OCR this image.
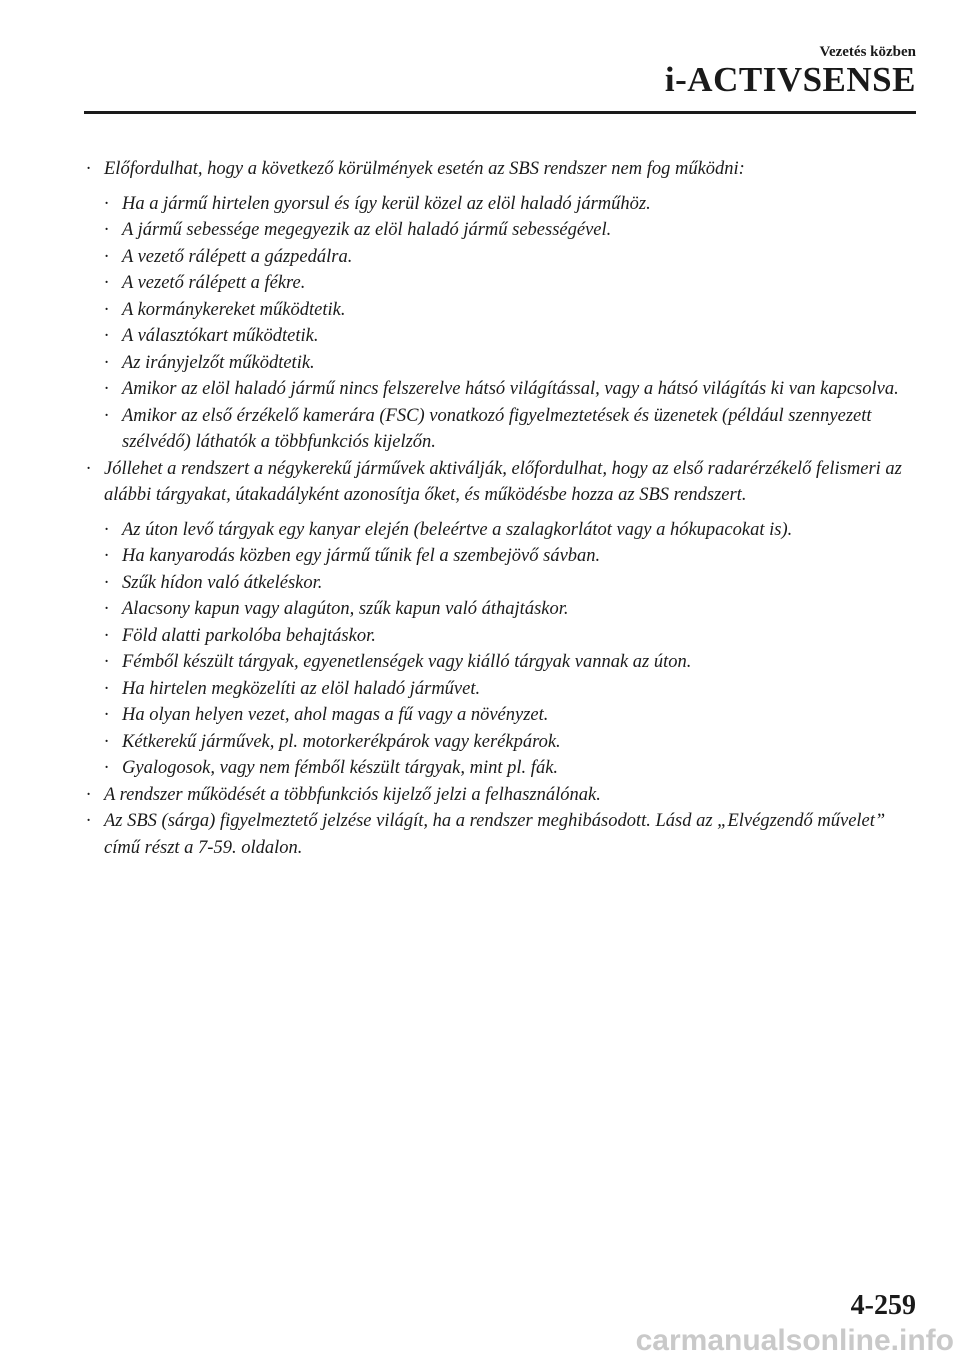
Vezetés közben
i-ACTIVSENSE
· Előfordulhat, hogy a következő körülmények esetén az SBS rendszer nem fog működni:
· Ha a jármű hirtelen gyorsul és így kerül közel az elöl haladó járműhöz.
· A jármű sebessége megegyezik az elöl haladó jármű sebességével.
· A vezető rálépett a gázpedálra.
· A vezető rálépett a fékre.
· A kormánykereket működtetik.
· A választókart működtetik.
· Az irányjelzőt működtetik.
· Amikor az elöl haladó jármű nincs felszerelve hátsó világítással, vagy a hátsó világítás ki van kapcsolva.
· Amikor az első érzékelő kamerára (FSC) vonatkozó figyelmeztetések és üzenetek (például szennyezett szélvédő) láthatók a többfunkciós kijelzőn.
· Jóllehet a rendszert a négykerekű járművek aktiválják, előfordulhat, hogy az első radarérzékelő felismeri az alábbi tárgyakat, útakadályként azonosítja őket, és működésbe hozza az SBS rendszert.
· Az úton levő tárgyak egy kanyar elején (beleértve a szalagkorlátot vagy a hókupacokat is).
· Ha kanyarodás közben egy jármű tűnik fel a szembejövő sávban.
· Szűk hídon való átkeléskor.
· Alacsony kapun vagy alagúton, szűk kapun való áthajtáskor.
· Föld alatti parkolóba behajtáskor.
· Fémből készült tárgyak, egyenetlenségek vagy kiálló tárgyak vannak az úton.
· Ha hirtelen megközelíti az elöl haladó járművet.
· Ha olyan helyen vezet, ahol magas a fű vagy a növényzet.
· Kétkerekű járművek, pl. motorkerékpárok vagy kerékpárok.
· Gyalogosok, vagy nem fémből készült tárgyak, mint pl. fák.
· A rendszer működését a többfunkciós kijelző jelzi a felhasználónak.
· Az SBS (sárga) figyelmeztető jelzése világít, ha a rendszer meghibásodott. Lásd az „Elvégzendő művelet” című részt a 7-59. oldalon.
4-259
carmanualsonline.info
